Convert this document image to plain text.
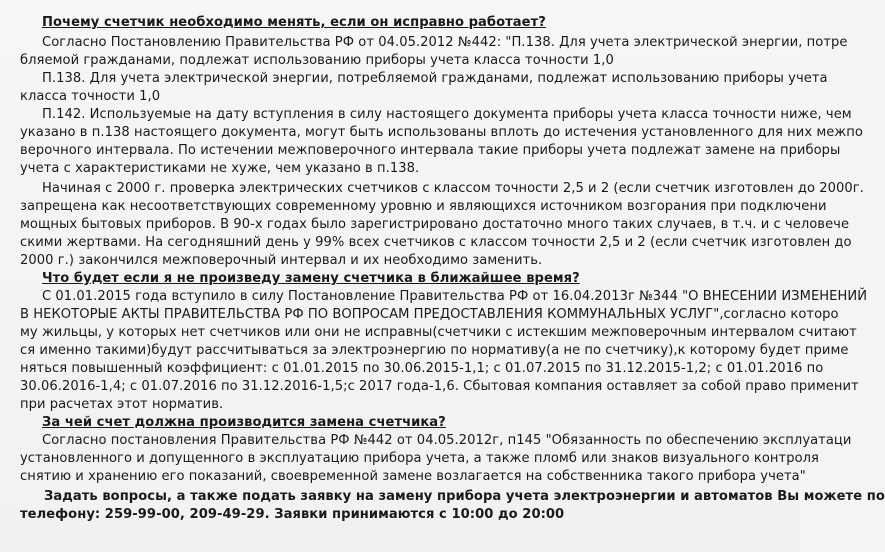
Почему счетчик необходимо менять, если он исправно работает?
Согласно Постановлению Правительства РФ от 04.05.2012 №442: "П.138. Для учета электрической энергии, потре
бляемой гражданами, подлежат использованию приборы учета класса точности 1,0
П.138. Для учета электрической энергии, потребляемой гражданами, подлежат использованию приборы учета
класса точности 1,0
П.142. Используемые на дату вступления в силу настоящего документа приборы учета класса точности ниже, чем
указано в п.138 настоящего документа, могут быть использованы вплоть до истечения установленного для них межпо
верочного интервала. По истечении межповерочного интервала такие приборы учета подлежат замене на приборы
учета с характеристиками не хуже, чем указано в п.138.
Начиная с 2000 г. проверка электрических счетчиков с классом точности 2,5 и 2 (если счетчик изготовлен до 2000г.
запрещена как несоответствующих современному уровню и являющихся источником возгорания при подключени
мощных бытовых приборов. В 90-х годах было зарегистрировано достаточно много таких случаев, в т.ч. и с человече
скими жертвами. На сегодняшний день у 99% всех счетчиков с классом точности 2,5 и 2 (если счетчик изготовлен до
2000 г.) закончился межповерочный интервал и их необходимо заменить.
Что будет если я не произведу замену счетчика в ближайшее время?
С 01.01.2015 года вступило в силу Постановление Правительства РФ от 16.04.2013г №344 "О ВНЕСЕНИИ ИЗМЕНЕНИЙ
В НЕКОТОРЫЕ АКТЫ ПРАВИТЕЛЬСТВА РФ ПО ВОПРОСАМ ПРЕДОСТАВЛЕНИЯ КОММУНАЛЬНЫХ УСЛУГ",согласно которо
му жильцы, у которых нет счетчиков или они не исправны(счетчики с истекшим межповерочным интервалом считают
ся именно такими)будут рассчитываться за электроэнергию по нормативу(а не по счетчику),к которому будет приме
няться повышенный коэффициент: с 01.01.2015 по 30.06.2015-1,1; с 01.07.2015 по 31.12.2015-1,2; с 01.01.2016 по
30.06.2016-1,4; с 01.07.2016 по 31.12.2016-1,5;с 2017 года-1,6. Сбытовая компания оставляет за собой право применит
при расчетах этот норматив.
За чей счет должна производится замена счетчика?
Согласно постановления Правительства РФ №442 от 04.05.2012г, п145 "Обязанность по обеспечению эксплуатаци
установленного и допущенного в эксплуатацию прибора учета, а также пломб или знаков визуального контроля
снятию и хранению его показаний, своевременной замене возлагается на собственника такого прибора учета"
Задать вопросы, а также подать заявку на замену прибора учета электроэнергии и автоматов Вы можете по
телефону: 259-99-00, 209-49-29. Заявки принимаются с 10:00 до 20:00
